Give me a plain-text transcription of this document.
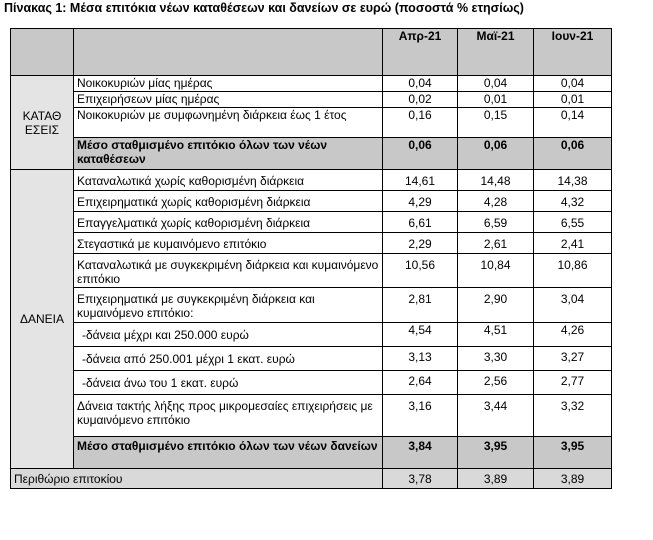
Πίνακας 1: Μέσα επιτόκια νέων καταθέσεων και δανείων σε ευρώ (ποσοστά % ετησίως)
		Απρ-21	Μαϊ-21	Ιουν-21
ΚΑΤΑΘ ΕΣΕΙΣ	Νοικοκυριών μίας ημέρας	0,04	0,04	0,04
	Επιχειρήσεων μίας ημέρας	0,02	0,01	0,01
	Νοικοκυριών με συμφωνημένη διάρκεια έως 1 έτος	0,16	0,15	0,14
	Μέσο σταθμισμένο επιτόκιο όλων των νέων καταθέσεων	0,06	0,06	0,06
ΔΑΝΕΙΑ	Καταναλωτικά χωρίς καθορισμένη διάρκεια	14,61	14,48	14,38
	Επιχειρηματικά χωρίς καθορισμένη διάρκεια	4,29	4,28	4,32
	Επαγγελματικά χωρίς καθορισμένη διάρκεια	6,61	6,59	6,55
	Στεγαστικά με κυμαινόμενο επιτόκιο	2,29	2,61	2,41
	Καταναλωτικά με συγκεκριμένη διάρκεια και κυμαινόμενο επιτόκιο	10,56	10,84	10,86
	Επιχειρηματικά με συγκεκριμένη διάρκεια και κυμαινόμενο επιτόκιο:	2,81	2,90	3,04
	-δάνεια μέχρι και 250.000 ευρώ	4,54	4,51	4,26
	-δάνεια από 250.001 μέχρι 1 εκατ. ευρώ	3,13	3,30	3,27
	-δάνεια άνω του 1 εκατ. ευρώ	2,64	2,56	2,77
	Δάνεια τακτής λήξης προς μικρομεσαίες επιχειρήσεις με κυμαινόμενο επιτόκιο	3,16	3,44	3,32
	Μέσο σταθμισμένο επιτόκιο όλων των νέων δανείων	3,84	3,95	3,95
Περιθώριο επιτοκίου		3,78	3,89	3,89
